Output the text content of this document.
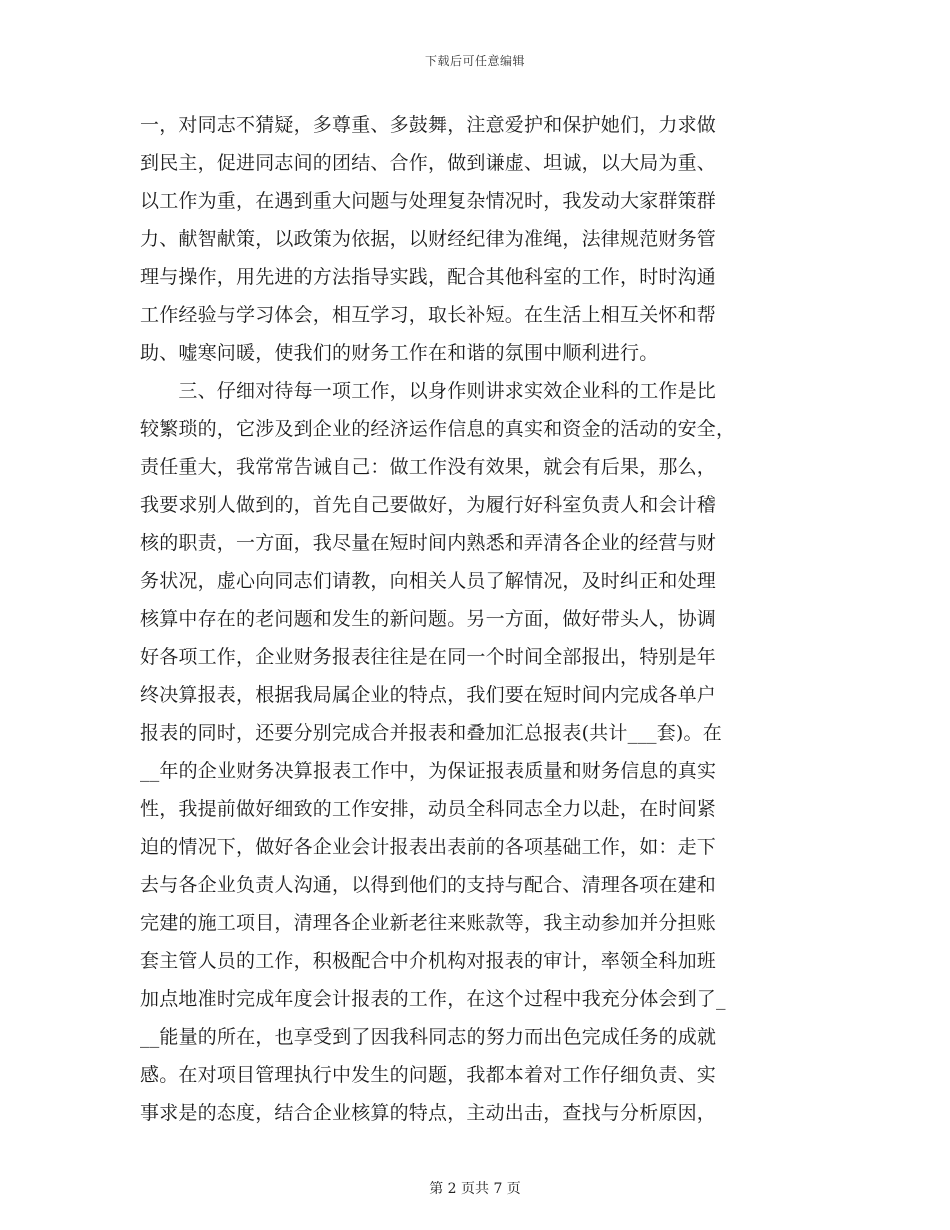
下载后可任意编辑
一，对同志不猜疑，多尊重、多鼓舞，注意爱护和保护她们，力求做
到民主，促进同志间的团结、合作，做到谦虚、坦诚，以大局为重、
以工作为重，在遇到重大问题与处理复杂情况时，我发动大家群策群
力、献智献策，以政策为依据，以财经纪律为准绳，法律规范财务管
理与操作，用先进的方法指导实践，配合其他科室的工作，时时沟通
工作经验与学习体会，相互学习，取长补短。在生活上相互关怀和帮
助、嘘寒问暖，使我们的财务工作在和谐的氛围中顺利进行。
　　三、仔细对待每一项工作，以身作则讲求实效企业科的工作是比
较繁琐的，它涉及到企业的经济运作信息的真实和资金的活动的安全，
责任重大，我常常告诫自己：做工作没有效果，就会有后果，那么，
我要求别人做到的，首先自己要做好，为履行好科室负责人和会计稽
核的职责，一方面，我尽量在短时间内熟悉和弄清各企业的经营与财
务状况，虚心向同志们请教，向相关人员了解情况，及时纠正和处理
核算中存在的老问题和发生的新问题。另一方面，做好带头人，协调
好各项工作，企业财务报表往往是在同一个时间全部报出，特别是年
终决算报表，根据我局属企业的特点，我们要在短时间内完成各单户
报表的同时，还要分别完成合并报表和叠加汇总报表(共计___套)。在
__年的企业财务决算报表工作中，为保证报表质量和财务信息的真实
性，我提前做好细致的工作安排，动员全科同志全力以赴，在时间紧
迫的情况下，做好各企业会计报表出表前的各项基础工作，如：走下
去与各企业负责人沟通，以得到他们的支持与配合、清理各项在建和
完建的施工项目，清理各企业新老往来账款等，我主动参加并分担账
套主管人员的工作，积极配合中介机构对报表的审计，率领全科加班
加点地准时完成年度会计报表的工作，在这个过程中我充分体会到了_
__能量的所在，也享受到了因我科同志的努力而出色完成任务的成就
感。在对项目管理执行中发生的问题，我都本着对工作仔细负责、实
事求是的态度，结合企业核算的特点，主动出击，查找与分析原因，
第 2 页共 7 页
